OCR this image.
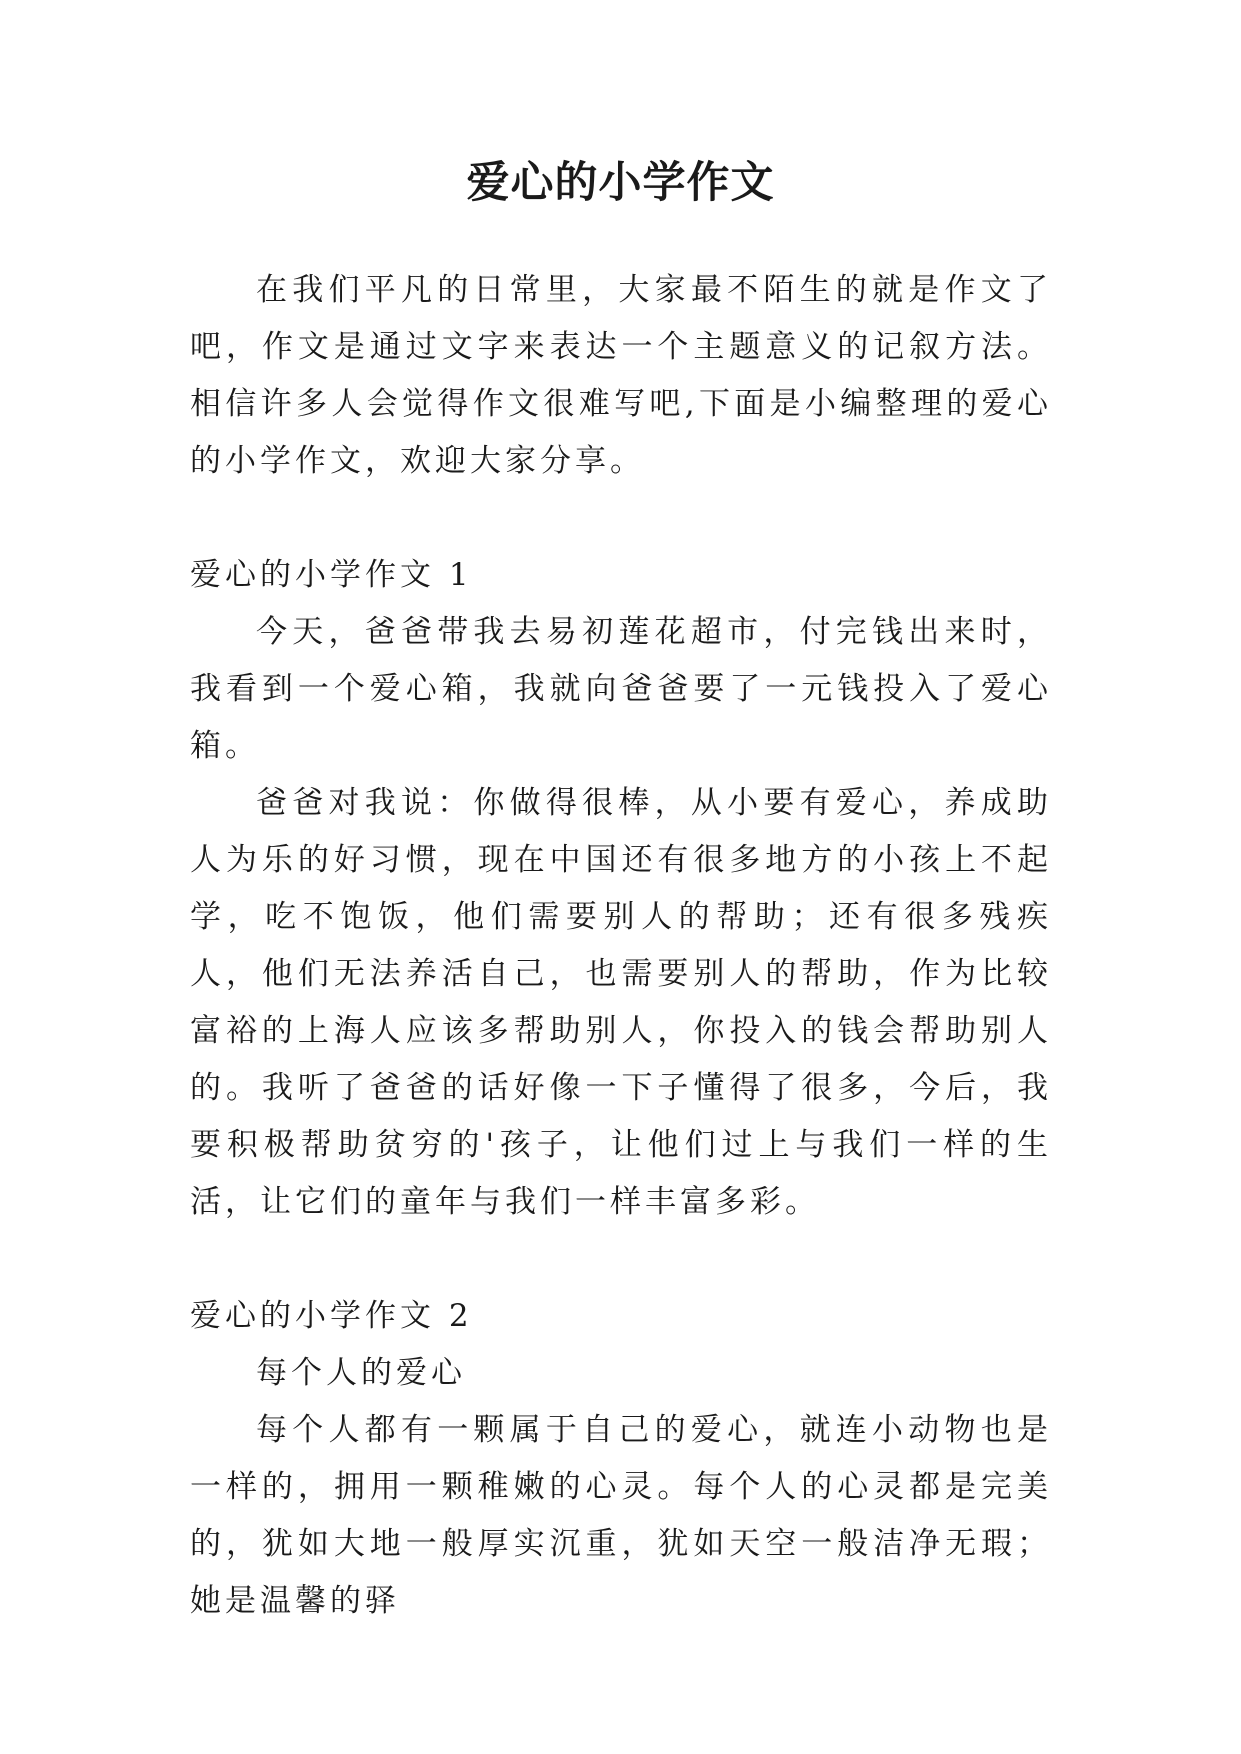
爱心的小学作文

在我们平凡的日常里，大家最不陌生的就是作文了吧，作文是通过文字来表达一个主题意义的记叙方法。相信许多人会觉得作文很难写吧,下面是小编整理的爱心的小学作文，欢迎大家分享。

爱心的小学作文 1

今天，爸爸带我去易初莲花超市，付完钱出来时，我看到一个爱心箱，我就向爸爸要了一元钱投入了爱心箱。

爸爸对我说：你做得很棒，从小要有爱心，养成助人为乐的好习惯，现在中国还有很多地方的小孩上不起学，吃不饱饭，他们需要别人的帮助；还有很多残疾人，他们无法养活自己，也需要别人的帮助，作为比较富裕的上海人应该多帮助别人，你投入的钱会帮助别人的。我听了爸爸的话好像一下子懂得了很多，今后，我要积极帮助贫穷的'孩子，让他们过上与我们一样的生活，让它们的童年与我们一样丰富多彩。

爱心的小学作文 2

每个人的爱心

每个人都有一颗属于自己的爱心，就连小动物也是一样的，拥用一颗稚嫩的心灵。每个人的心灵都是完美的，犹如大地一般厚实沉重，犹如天空一般洁净无瑕；她是温馨的驿
